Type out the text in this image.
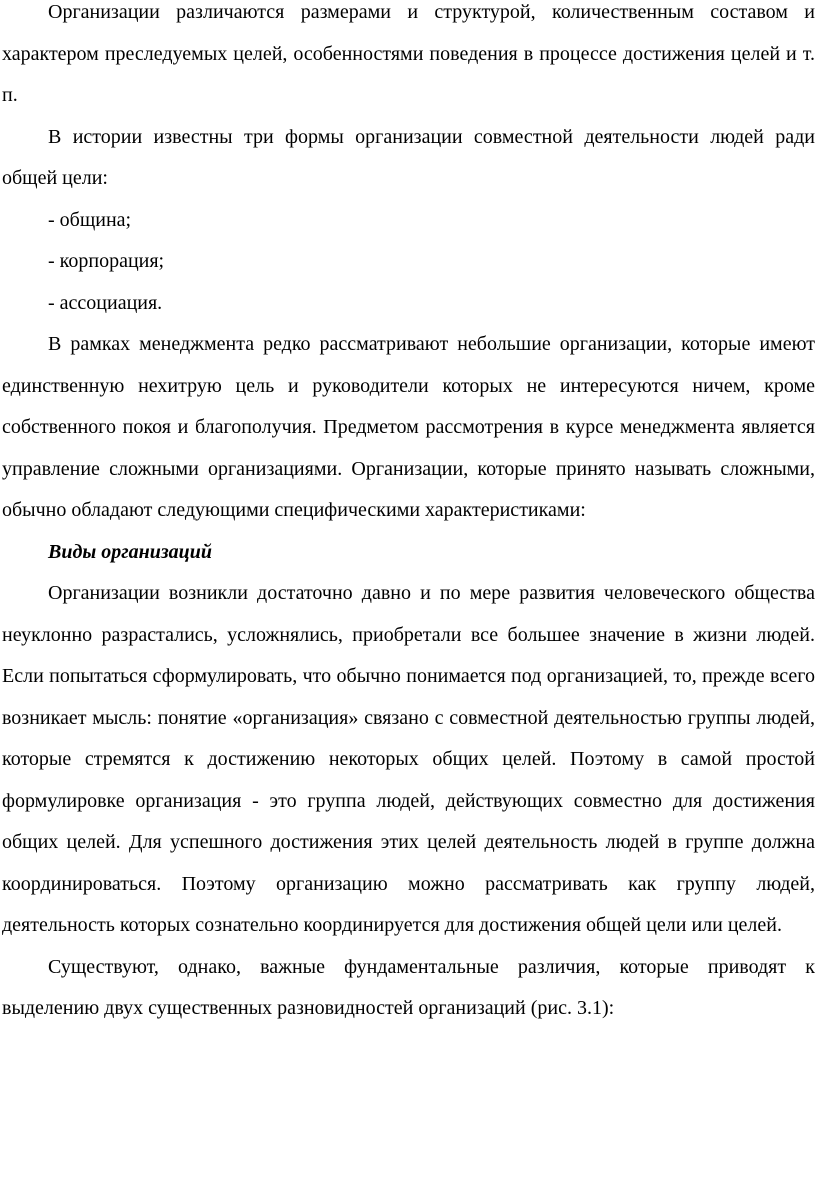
Организации различаются размерами и структурой, количественным составом и характером преследуемых целей, особенностями поведения в процессе достижения целей и т. п.

В истории известны три формы организации совместной деятельности людей ради общей цели:

- община;

- корпорация;

- ассоциация.

В рамках менеджмента редко рассматривают небольшие организации, которые имеют единственную нехитрую цель и руководители которых не интересуются ничем, кроме собственного покоя и благополучия. Предметом рассмотрения в курсе менеджмента является управление сложными организациями. Организации, которые принято называть сложными, обычно обладают следующими специфическими характеристиками:

Виды организаций

Организации возникли достаточно давно и по мере развития человеческого общества неуклонно разрастались, усложнялись, приобретали все большее значение в жизни людей. Если попытаться сформулировать, что обычно понимается под организацией, то, прежде всего возникает мысль: понятие «организация» связано с совместной деятельностью группы людей, которые стремятся к достижению некоторых общих целей. Поэтому в самой простой формулировке организация - это группа людей, действующих совместно для достижения общих целей. Для успешного достижения этих целей деятельность людей в группе должна координироваться. Поэтому организацию можно рассматривать как группу людей, деятельность которых сознательно координируется для достижения общей цели или целей.

Существуют, однако, важные фундаментальные различия, которые приводят к выделению двух существенных разновидностей организаций (рис. 3.1):
